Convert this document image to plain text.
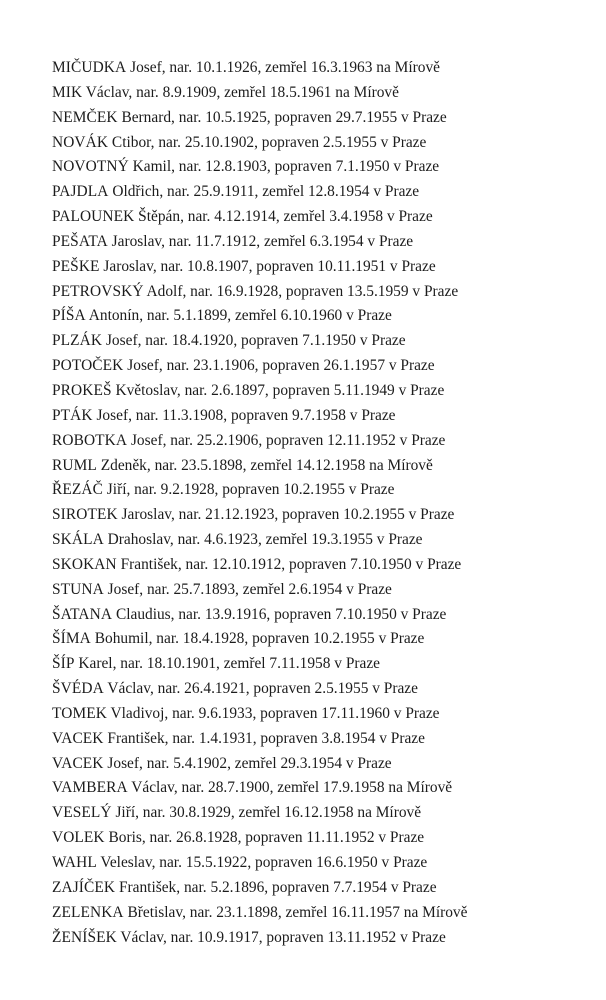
MIČUDKA Josef, nar. 10.1.1926, zemřel 16.3.1963 na Mírově
MIK Václav, nar. 8.9.1909, zemřel 18.5.1961 na Mírově
NEMČEK Bernard, nar. 10.5.1925, popraven 29.7.1955 v Praze
NOVÁK Ctibor, nar. 25.10.1902, popraven 2.5.1955 v Praze
NOVOTNÝ Kamil, nar. 12.8.1903, popraven 7.1.1950 v Praze
PAJDLA Oldřich, nar. 25.9.1911, zemřel 12.8.1954 v Praze
PALOUNEK Štěpán, nar. 4.12.1914, zemřel 3.4.1958 v Praze
PEŠATA Jaroslav, nar. 11.7.1912, zemřel 6.3.1954 v Praze
PEŠKE Jaroslav, nar. 10.8.1907, popraven 10.11.1951 v Praze
PETROVSKÝ Adolf, nar. 16.9.1928, popraven 13.5.1959 v Praze
PÍŠA Antonín, nar. 5.1.1899, zemřel 6.10.1960 v Praze
PLZÁK Josef, nar. 18.4.1920, popraven 7.1.1950 v Praze
POTOČEK Josef, nar. 23.1.1906, popraven 26.1.1957 v Praze
PROKEŠ Květoslav, nar. 2.6.1897, popraven 5.11.1949 v Praze
PTÁK Josef, nar. 11.3.1908, popraven 9.7.1958 v Praze
ROBOTKA Josef, nar. 25.2.1906, popraven 12.11.1952 v Praze
RUML Zdeněk, nar. 23.5.1898, zemřel 14.12.1958 na Mírově
ŘEZÁČ Jiří, nar. 9.2.1928, popraven 10.2.1955 v Praze
SIROTEK Jaroslav, nar. 21.12.1923, popraven 10.2.1955 v Praze
SKÁLA Drahoslav, nar. 4.6.1923, zemřel 19.3.1955 v Praze
SKOKAN František, nar. 12.10.1912, popraven 7.10.1950 v Praze
STUNA Josef, nar. 25.7.1893, zemřel 2.6.1954 v Praze
ŠATANA Claudius, nar. 13.9.1916, popraven 7.10.1950 v Praze
ŠÍMA Bohumil, nar. 18.4.1928, popraven 10.2.1955 v Praze
ŠÍP Karel, nar. 18.10.1901, zemřel 7.11.1958 v Praze
ŠVÉDA Václav, nar. 26.4.1921, popraven 2.5.1955 v Praze
TOMEK Vladivoj, nar. 9.6.1933, popraven 17.11.1960 v Praze
VACEK František, nar. 1.4.1931, popraven 3.8.1954 v Praze
VACEK Josef, nar. 5.4.1902, zemřel 29.3.1954 v Praze
VAMBERA Václav, nar. 28.7.1900, zemřel 17.9.1958 na Mírově
VESELÝ Jiří, nar. 30.8.1929, zemřel 16.12.1958 na Mírově
VOLEK Boris, nar. 26.8.1928, popraven 11.11.1952 v Praze
WAHL Veleslav, nar. 15.5.1922, popraven 16.6.1950 v Praze
ZAJÍČEK František, nar. 5.2.1896, popraven 7.7.1954 v Praze
ZELENKA Břetislav, nar. 23.1.1898, zemřel 16.11.1957 na Mírově
ŽENÍŠEK Václav, nar. 10.9.1917, popraven 13.11.1952 v Praze
